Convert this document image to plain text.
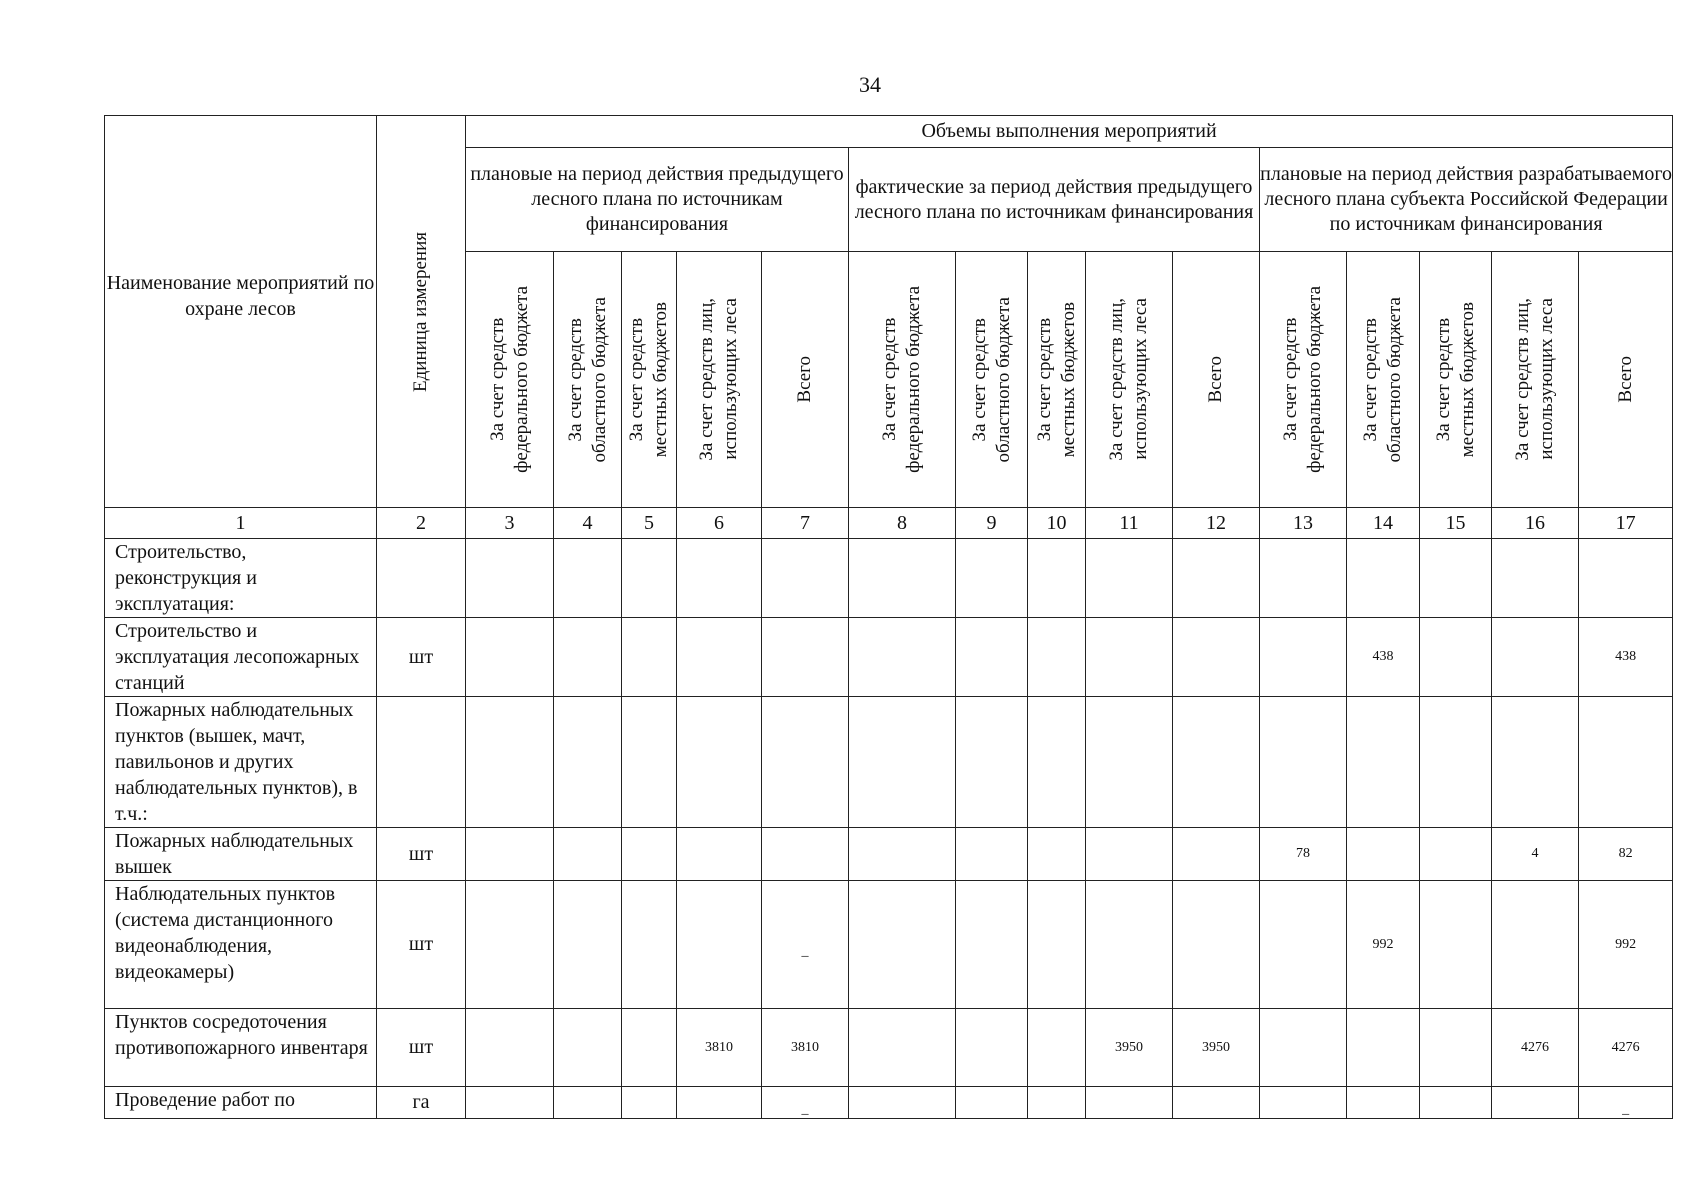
34
Наименование мероприятий по охране лесов	Единица измерения	Объемы выполнения мероприятий														
		плановые на период действия предыдущего лесного плана по источникам финансирования					фактические за период действия предыдущего лесного плана по источникам финансирования					плановые на период действия разрабатываемого лесного плана субъекта Российской Федерации по источникам финансирования				

		За счет средств федерального бюджета	За счет средств областного бюджета	За счет средств местных бюджетов	За счет средств лиц, использующих леса	Всего	За счет средств федерального бюджета	За счет средств областного бюджета	За счет средств местных бюджетов	За счет средств лиц, использующих леса	Всего	За счет средств федерального бюджета	За счет средств областного бюджета	За счет средств местных бюджетов	За счет средств лиц, использующих леса	Всего

1	2	3	4	5	6	7	8	9	10	11	12	13	14	15	16	17
Строительство, реконструкция и эксплуатация:																
Строительство и эксплуатация лесопожарных станций	шт												438			438
Пожарных наблюдательных пунктов (вышек, мачт, павильонов и других наблюдательных пунктов), в т.ч.:																
Пожарных наблюдательных вышек	шт											78			4	82
Наблюдательных пунктов (система дистанционного видеонаблюдения, видеокамеры)	шт					_							992			992
Пунктов сосредоточения противопожарного инвентаря	шт				3810	3810				3950	3950				4276	4276
Проведение работ по	га					_										_
